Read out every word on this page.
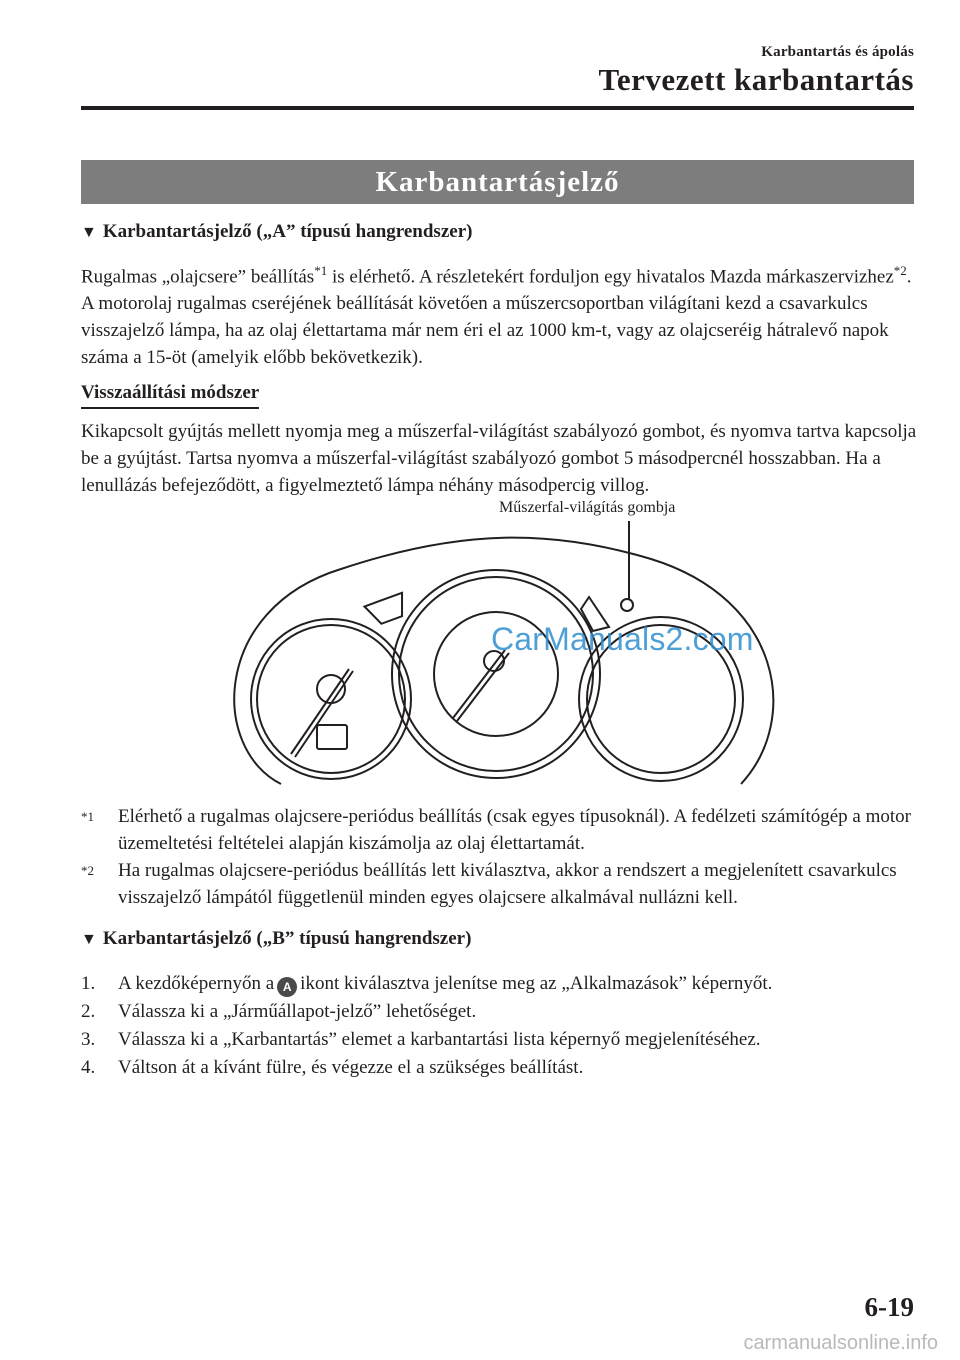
Karbantartás és ápolás
Tervezett karbantartás
Karbantartásjelző
▼ Karbantartásjelző („A” típusú hangrendszer)

Rugalmas „olajcsere” beállítás$^{*1}$ is elérhető. A részletekért forduljon egy hivatalos Mazda márkaszervizhez$^{*2}$. A motorolaj rugalmas cseréjének beállítását követően a műszercsoportban világítani kezd a csavarkulcs visszajelző lámpa, ha az olaj élettartama már nem éri el az 1000 km-t, vagy az olajcseréig hátralevő napok száma a 15-öt (amelyik előbb bekövetkezik).

Visszaállítási módszer

Kikapcsolt gyújtás mellett nyomja meg a műszerfal-világítást szabályozó gombot, és nyomva tartva kapcsolja be a gyújtást. Tartsa nyomva a műszerfal-világítást szabályozó gombot 5 másodpercnél hosszabban. Ha a lenullázás befejeződött, a figyelmeztető lámpa néhány másodpercig villog.

Műszerfal-világítás gombja
CarManuals2.com
$^{*1}$	Elérhető a rugalmas olajcsere-periódus beállítás (csak egyes típusoknál). A fedélzeti számítógép a motor üzemeltetési feltételei alapján kiszámolja az olaj élettartamát.
$^{*2}$	Ha rugalmas olajcsere-periódus beállítás lett kiválasztva, akkor a rendszert a megjelenített csavarkulcs visszajelző lámpától függetlenül minden egyes olajcsere alkalmával nullázni kell.
▼ Karbantartásjelző („B” típusú hangrendszer)
1.	A kezdőképernyőn a A ikont kiválasztva jelenítse meg az „Alkalmazások” képernyőt.
2.	Válassza ki a „Járműállapot-jelző” lehetőséget.
3.	Válassza ki a „Karbantartás” elemet a karbantartási lista képernyő megjelenítéséhez.
4.	Váltson át a kívánt fülre, és végezze el a szükséges beállítást.
6-19
carmanualsonline.info
